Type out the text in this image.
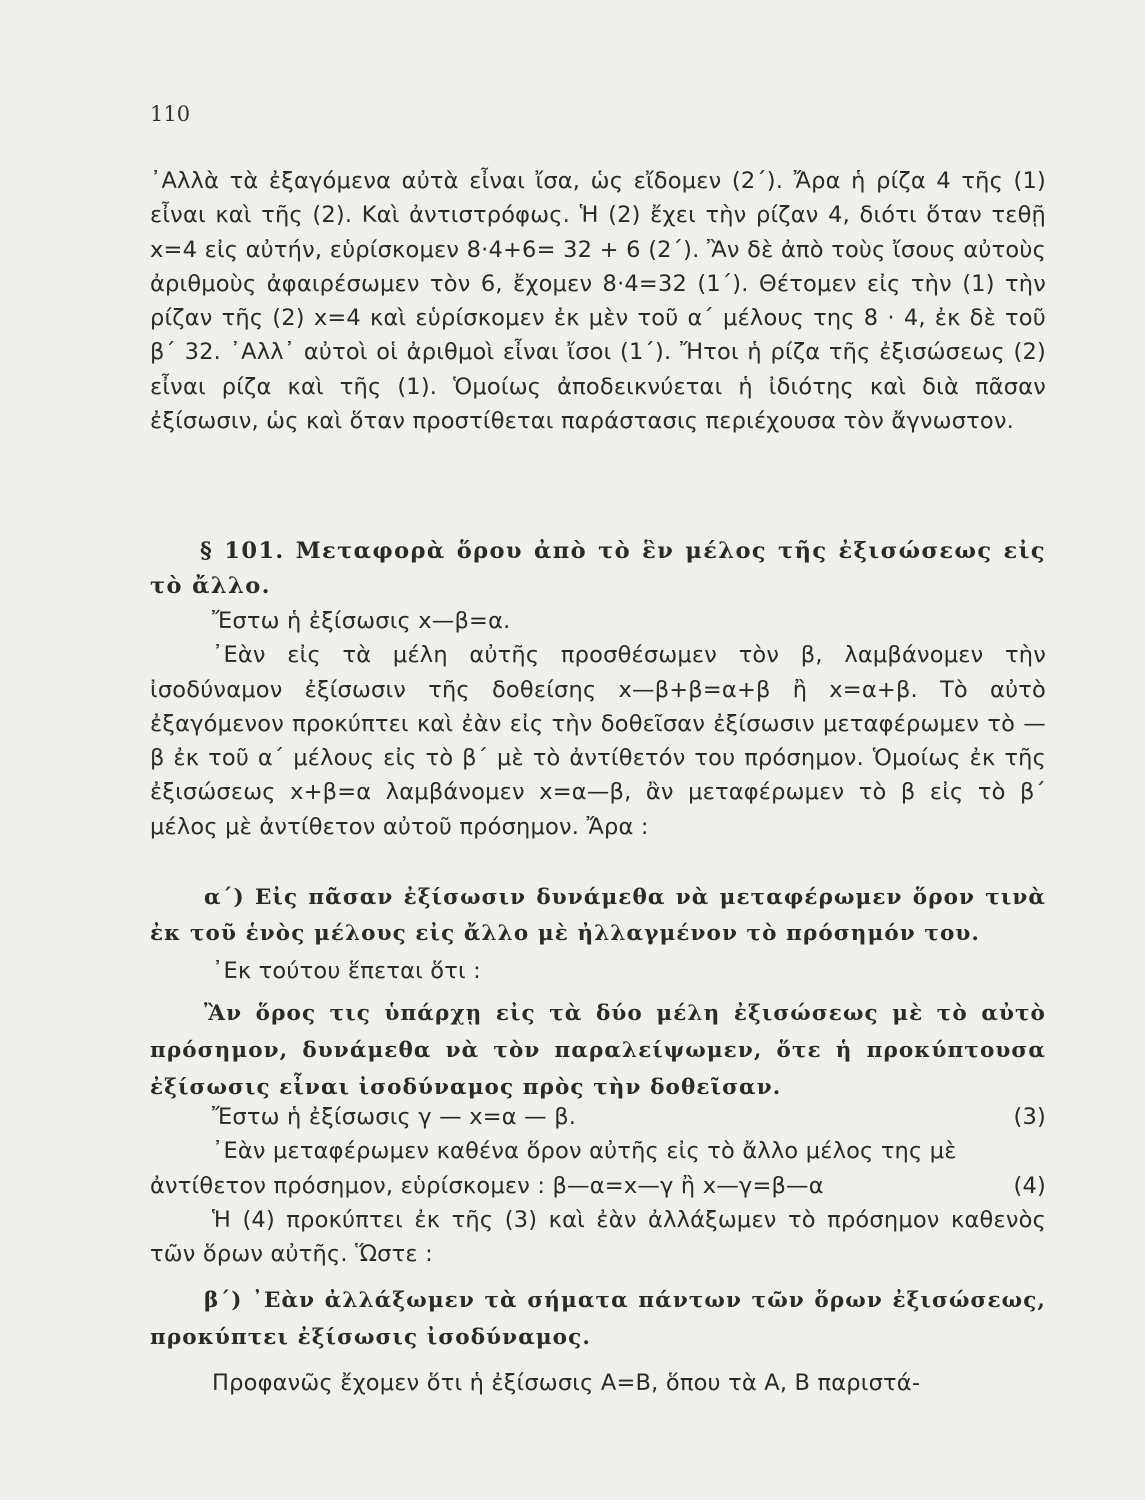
110

᾿Αλλὰ τὰ ἐξαγόμενα αὐτὰ εἶναι ἴσα, ὡς εἴδομεν (2΄). Ἄρα ἡ ρίζα 4 τῆς (1) εἶναι καὶ τῆς (2). Καὶ ἀντιστρόφως. Ἡ (2) ἔχει τὴν ρίζαν 4, διότι ὅταν τεθῇ x=4 εἰς αὐτήν, εὑρίσκομεν 8·4+6= 32 + 6 (2΄). Ἂν δὲ ἀπὸ τοὺς ἴσους αὐτοὺς ἀριθμοὺς ἀφαιρέσωμεν τὸν 6, ἔχομεν 8·4=32 (1΄). Θέτομεν εἰς τὴν (1) τὴν ρίζαν τῆς (2) x=4 καὶ εὑρίσκομεν ἐκ μὲν τοῦ α΄ μέλους της 8 · 4, ἐκ δὲ τοῦ β΄ 32. ᾿Αλλ᾿ αὐτοὶ οἱ ἀριθμοὶ εἶναι ἴσοι (1΄). Ἤτοι ἡ ρίζα τῆς ἐξισώσεως (2) εἶναι ρίζα καὶ τῆς (1). Ὁμοίως ἀποδεικνύεται ἡ ἰδιότης καὶ διὰ πᾶσαν ἐξίσωσιν, ὡς καὶ ὅταν προστίθεται παράστασις περιέχουσα τὸν ἄγνωστον.

§ 101. Μεταφορὰ ὅρου ἀπὸ τὸ ἓν μέλος τῆς ἐξισώσεως εἰς τὸ ἄλλο.

Ἔστω ἡ ἐξίσωσις x—β=α.

᾿Εὰν εἰς τὰ μέλη αὐτῆς προσθέσωμεν τὸν β, λαμβάνομεν τὴν ἰσοδύναμον ἐξίσωσιν τῆς δοθείσης x—β+β=α+β ἢ x=α+β. Τὸ αὐτὸ ἐξαγόμενον προκύπτει καὶ ἐὰν εἰς τὴν δοθεῖσαν ἐξίσωσιν μεταφέρωμεν τὸ — β ἐκ τοῦ α΄ μέλους εἰς τὸ β΄ μὲ τὸ ἀντίθετόν του πρόσημον. Ὁμοίως ἐκ τῆς ἐξισώσεως x+β=α λαμβάνομεν x=α—β, ἂν μεταφέρωμεν τὸ β εἰς τὸ β΄ μέλος μὲ ἀντίθετον αὐτοῦ πρόσημον. Ἄρα :

α΄) Εἰς πᾶσαν ἐξίσωσιν δυνάμεθα νὰ μεταφέρωμεν ὅρον τινὰ ἐκ τοῦ ἑνὸς μέλους εἰς ἄλλο μὲ ἠλλαγμένον τὸ πρόσημόν του.

᾿Εκ τούτου ἕπεται ὅτι :

Ἂν ὅρος τις ὑπάρχῃ εἰς τὰ δύο μέλη ἐξισώσεως μὲ τὸ αὐτὸ πρόσημον, δυνάμεθα νὰ τὸν παραλείψωμεν, ὅτε ἡ προκύπτουσα ἐξίσωσις εἶναι ἰσοδύναμος πρὸς τὴν δοθεῖσαν.

Ἔστω ἡ ἐξίσωσις γ — x=α — β.	(3)

᾿Εὰν μεταφέρωμεν καθένα ὅρον αὐτῆς εἰς τὸ ἄλλο μέλος της μὲ

ἀντίθετον πρόσημον, εὑρίσκομεν : β—α=x—γ ἢ x—γ=β—α	(4)

Ἡ (4) προκύπτει ἐκ τῆς (3) καὶ ἐὰν ἀλλάξωμεν τὸ πρόσημον καθενὸς τῶν ὅρων αὐτῆς. Ὥστε :

β΄) ᾿Εὰν ἀλλάξωμεν τὰ σήματα πάντων τῶν ὅρων ἐξισώσεως, προκύπτει ἐξίσωσις ἰσοδύναμος.

Προφανῶς ἔχομεν ὅτι ἡ ἐξίσωσις Α=Β, ὅπου τὰ Α, Β παριστά-
